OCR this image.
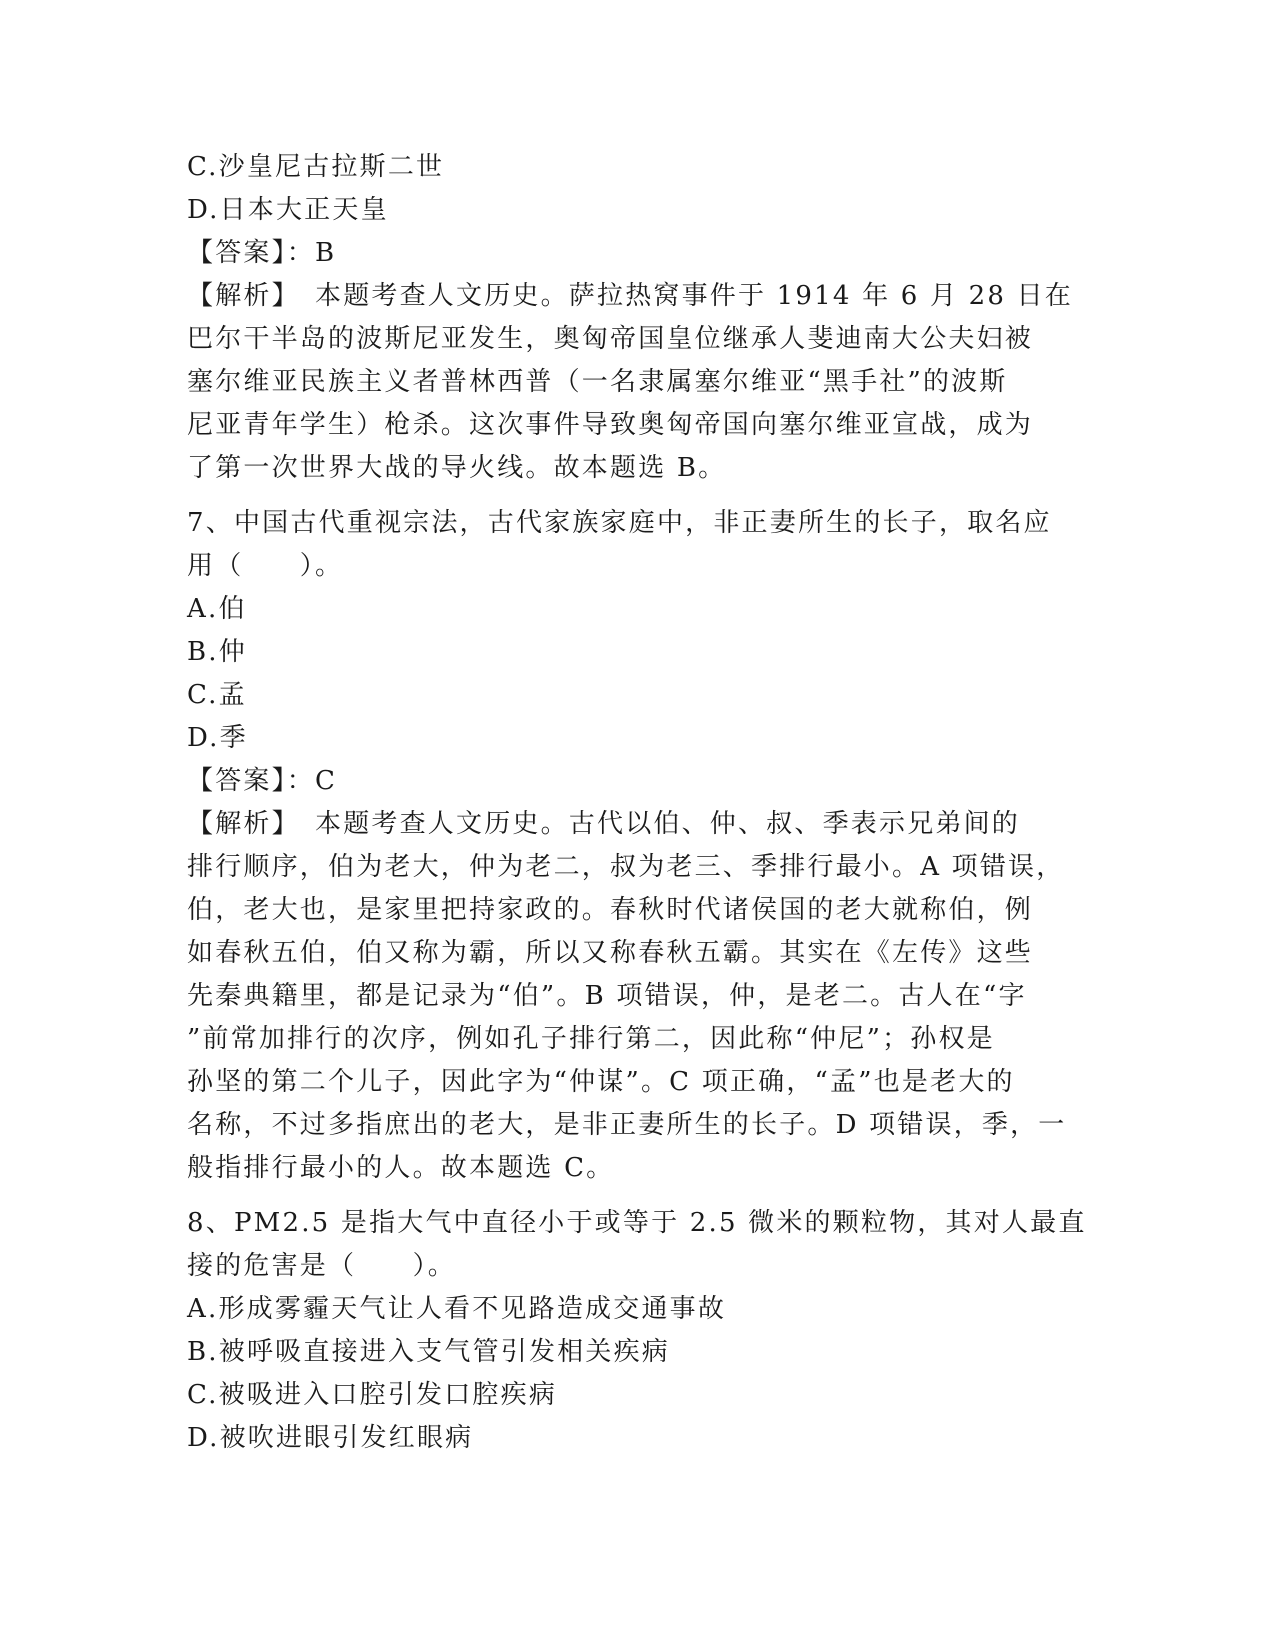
C.沙皇尼古拉斯二世
D.日本大正天皇
【答案】：B
【解析】　本题考查人文历史。萨拉热窝事件于 1914 年 6 月 28 日在
巴尔干半岛的波斯尼亚发生，奥匈帝国皇位继承人斐迪南大公夫妇被
塞尔维亚民族主义者普林西普（一名隶属塞尔维亚“黑手社”的波斯
尼亚青年学生）枪杀。这次事件导致奥匈帝国向塞尔维亚宣战，成为
了第一次世界大战的导火线。故本题选 B。
7、中国古代重视宗法，古代家族家庭中，非正妻所生的长子，取名应
用（　　）。
A.伯
B.仲
C.孟
D.季
【答案】：C
【解析】　本题考查人文历史。古代以伯、仲、叔、季表示兄弟间的
排行顺序，伯为老大，仲为老二，叔为老三、季排行最小。A 项错误，
伯，老大也，是家里把持家政的。春秋时代诸侯国的老大就称伯，例
如春秋五伯，伯又称为霸，所以又称春秋五霸。其实在《左传》这些
先秦典籍里，都是记录为“伯”。B 项错误，仲，是老二。古人在“字
”前常加排行的次序，例如孔子排行第二，因此称“仲尼”；孙权是
孙坚的第二个儿子，因此字为“仲谋”。C 项正确，“孟”也是老大的
名称，不过多指庶出的老大，是非正妻所生的长子。D 项错误，季，一
般指排行最小的人。故本题选 C。
8、PM2.5 是指大气中直径小于或等于 2.5 微米的颗粒物，其对人最直
接的危害是（　　）。
A.形成雾霾天气让人看不见路造成交通事故
B.被呼吸直接进入支气管引发相关疾病
C.被吸进入口腔引发口腔疾病
D.被吹进眼引发红眼病
